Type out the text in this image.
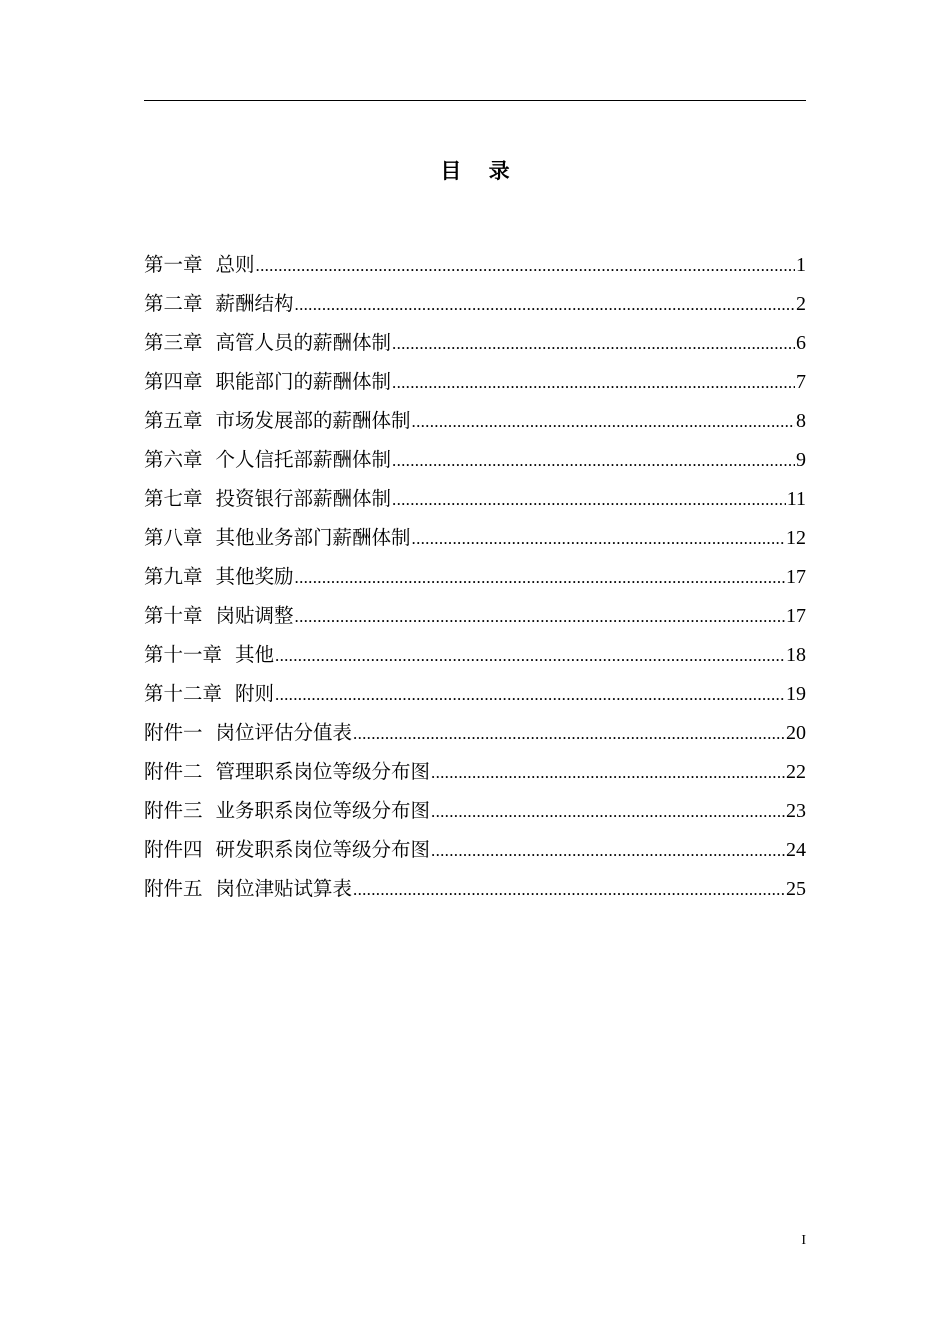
目 录
第一章 总则 .....	1
第二章 薪酬结构 .....	2
第三章 高管人员的薪酬体制 .....	6
第四章 职能部门的薪酬体制 .....	7
第五章 市场发展部的薪酬体制 .....	8
第六章 个人信托部薪酬体制 .....	9
第七章 投资银行部薪酬体制 .....	11
第八章 其他业务部门薪酬体制 .....	12
第九章 其他奖励 .....	17
第十章 岗贴调整 .....	17
第十一章 其他 .....	18
第十二章 附则 .....	19
附件一 岗位评估分值表 .....	20
附件二 管理职系岗位等级分布图 .....	22
附件三 业务职系岗位等级分布图 .....	23
附件四 研发职系岗位等级分布图 .....	24
附件五 岗位津贴试算表 .....	25
I
